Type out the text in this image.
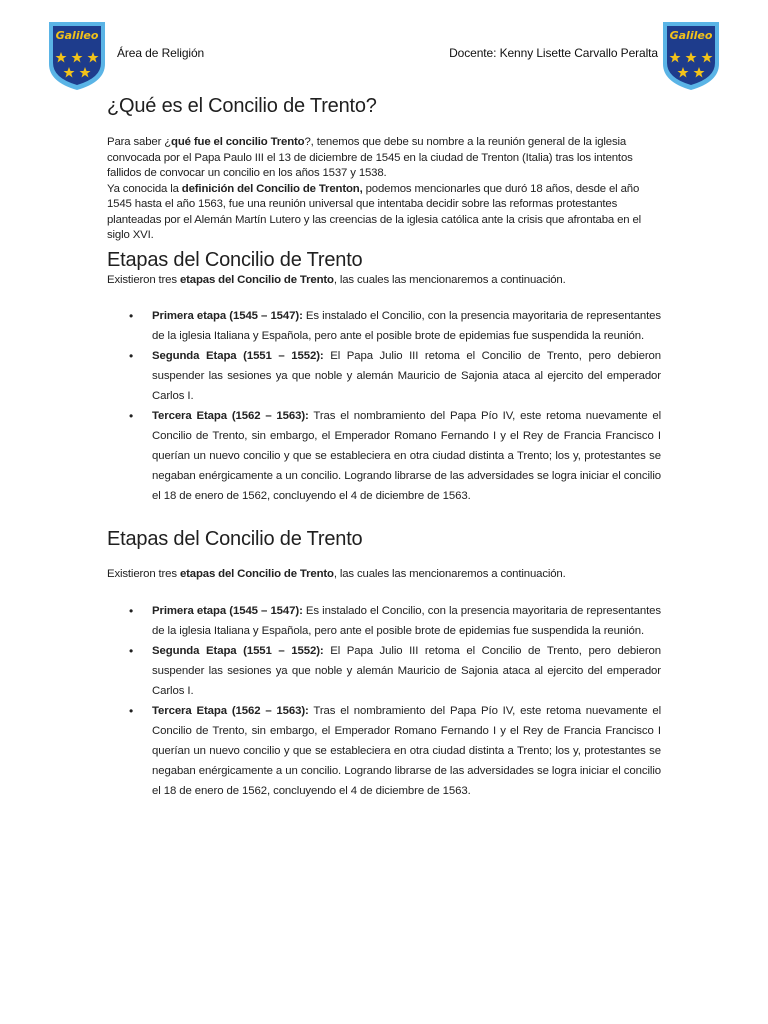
Galileo	Galileo
Área de Religión	Docente: Kenny Lisette Carvallo Peralta
¿Qué es el Concilio de Trento?

Para saber ¿qué fue el concilio Trento?, tenemos que debe su nombre a la reunión general de la iglesia convocada por el Papa Paulo III el 13 de diciembre de 1545 en la ciudad de Trenton (Italia) tras los intentos fallidos de convocar un concilio en los años 1537 y 1538.

Ya conocida la definición del Concilio de Trenton, podemos mencionarles que duró 18 años, desde el año 1545 hasta el año 1563, fue una reunión universal que intentaba decidir sobre las reformas protestantes planteadas por el Alemán Martín Lutero y las creencias de la iglesia católica ante la crisis que afrontaba en el siglo XVI.

Etapas del Concilio de Trento

Existieron tres etapas del Concilio de Trento, las cuales las mencionaremos a continuación.

• Primera etapa (1545 – 1547): Es instalado el Concilio, con la presencia mayoritaria de representantes de la iglesia Italiana y Española, pero ante el posible brote de epidemias fue suspendida la reunión.
• Segunda Etapa (1551 – 1552): El Papa Julio III retoma el Concilio de Trento, pero debieron suspender las sesiones ya que noble y alemán Mauricio de Sajonia ataca al ejercito del emperador Carlos I.
• Tercera Etapa (1562 – 1563): Tras el nombramiento del Papa Pío IV, este retoma nuevamente el Concilio de Trento, sin embargo, el Emperador Romano Fernando I y el Rey de Francia Francisco I querían un nuevo concilio y que se estableciera en otra ciudad distinta a Trento; los y, protestantes se negaban enérgicamente a un concilio. Logrando librarse de las adversidades se logra iniciar el concilio el 18 de enero de 1562, concluyendo el 4 de diciembre de 1563.
Etapas del Concilio de Trento

Existieron tres etapas del Concilio de Trento, las cuales las mencionaremos a continuación.

• Primera etapa (1545 – 1547): Es instalado el Concilio, con la presencia mayoritaria de representantes de la iglesia Italiana y Española, pero ante el posible brote de epidemias fue suspendida la reunión.
• Segunda Etapa (1551 – 1552): El Papa Julio III retoma el Concilio de Trento, pero debieron suspender las sesiones ya que noble y alemán Mauricio de Sajonia ataca al ejercito del emperador Carlos I.
• Tercera Etapa (1562 – 1563): Tras el nombramiento del Papa Pío IV, este retoma nuevamente el Concilio de Trento, sin embargo, el Emperador Romano Fernando I y el Rey de Francia Francisco I querían un nuevo concilio y que se estableciera en otra ciudad distinta a Trento; los y, protestantes se negaban enérgicamente a un concilio. Logrando librarse de las adversidades se logra iniciar el concilio el 18 de enero de 1562, concluyendo el 4 de diciembre de 1563.
